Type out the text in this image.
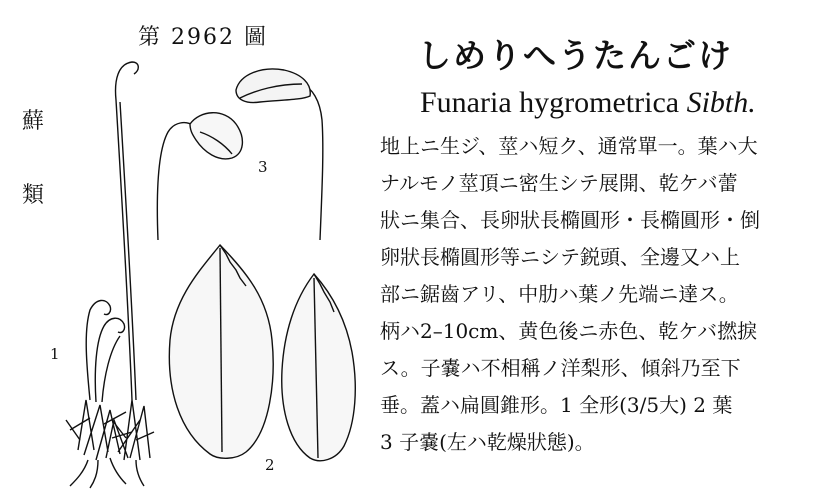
第 2962 圖
蘚
類
1
2
3
しめりへうたんごけ
Funaria hygrometrica Sibth.
地上ニ生ジ、莖ハ短ク、通常單一。葉ハ大
ナルモノ莖頂ニ密生シテ展開、乾ケバ蕾
狀ニ集合、長卵狀長橢圓形・長橢圓形・倒
卵狀長橢圓形等ニシテ鋭頭、全邊又ハ上
部ニ鋸齒アリ、中肋ハ葉ノ先端ニ達ス。
柄ハ2–10cm、黄色後ニ赤色、乾ケバ撚捩
ス。子嚢ハ不相稱ノ洋梨形、傾斜乃至下
垂。蓋ハ扁圓錐形。1 全形(3/5大) 2 葉
3 子嚢(左ハ乾燥狀態)。
